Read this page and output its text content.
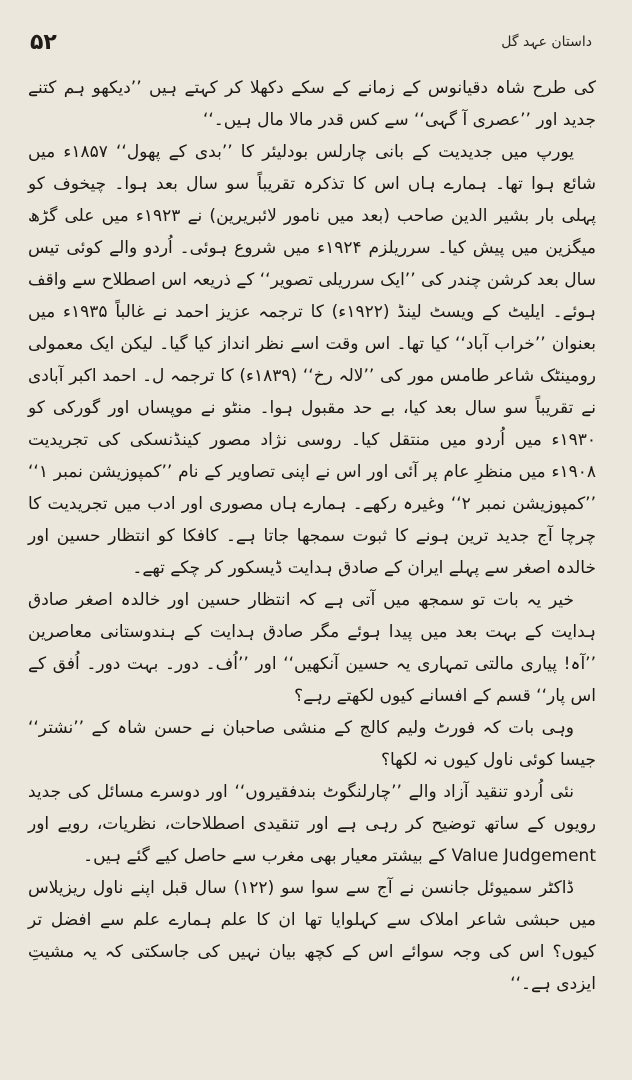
داستان عہد گل
۵۲

کی طرح شاہ دقیانوس کے زمانے کے سکے دکھلا کر کہتے ہیں ’’دیکھو ہم کتنے جدید اور ’’عصری آ گہی‘‘ سے کس قدر مالا مال ہیں۔‘‘

یورپ میں جدیدیت کے بانی چارلس بودلیئر کا ’’بدی کے پھول‘‘ ۱۸۵۷ء میں شائع ہوا تھا۔ ہمارے ہاں اس کا تذکرہ تقریباً سو سال بعد ہوا۔ چیخوف کو پہلی بار بشیر الدین صاحب (بعد میں نامور لائبریرین) نے ۱۹۲۳ء میں علی گڑھ میگزین میں پیش کیا۔ سرریلزم ۱۹۲۴ء میں شروع ہوئی۔ اُردو والے کوئی تیس سال بعد کرشن چندر کی ’’ایک سرریلی تصویر‘‘ کے ذریعہ اس اصطلاح سے واقف ہوئے۔ ایلیٹ کے ویسٹ لینڈ (۱۹۲۲ء) کا ترجمہ عزیز احمد نے غالباً ۱۹۳۵ء میں بعنوان ’’خراب آباد‘‘ کیا تھا۔ اس وقت اسے نظر انداز کیا گیا۔ لیکن ایک معمولی رومینٹک شاعر طامس مور کی ’’لالہ رخ‘‘ (۱۸۳۹ء) کا ترجمہ ل۔ احمد اکبر آبادی نے تقریباً سو سال بعد کیا، بے حد مقبول ہوا۔ منٹو نے موپساں اور گورکی کو ۱۹۳۰ء میں اُردو میں منتقل کیا۔ روسی نژاد مصور کینڈنسکی کی تجریدیت ۱۹۰۸ء میں منظرِ عام پر آئی اور اس نے اپنی تصاویر کے نام ’’کمپوزیشن نمبر ۱‘‘ ’’کمپوزیشن نمبر ۲‘‘ وغیرہ رکھے۔ ہمارے ہاں مصوری اور ادب میں تجریدیت کا چرچا آج جدید ترین ہونے کا ثبوت سمجھا جاتا ہے۔ کافکا کو انتظار حسین اور خالدہ اصغر سے پہلے ایران کے صادق ہدایت ڈیسکور کر چکے تھے۔

خیر یہ بات تو سمجھ میں آتی ہے کہ انتظار حسین اور خالدہ اصغر صادق ہدایت کے بہت بعد میں پیدا ہوئے مگر صادق ہدایت کے ہندوستانی معاصرین ’’آہ! پیاری مالتی تمہاری یہ حسین آنکھیں‘‘ اور ’’اُف۔ دور۔ بہت دور۔ اُفق کے اس پار‘‘ قسم کے افسانے کیوں لکھتے رہے؟

وہی بات کہ فورٹ ولیم کالج کے منشی صاحبان نے حسن شاہ کے ’’نشتر‘‘ جیسا کوئی ناول کیوں نہ لکھا؟

نئی اُردو تنقید آزاد والے ’’چارلنگوٹ بندفقیروں‘‘ اور دوسرے مسائل کی جدید رویوں کے ساتھ توضیح کر رہی ہے اور تنقیدی اصطلاحات، نظریات، رویے اور Value Judgement کے بیشتر معیار بھی مغرب سے حاصل کیے گئے ہیں۔

ڈاکٹر سمیوئل جانسن نے آج سے سوا سو (۱۲۲) سال قبل اپنے ناول ریزیلاس میں حبشی شاعر املاک سے کہلوایا تھا ان کا علم ہمارے علم سے افضل تر کیوں؟ اس کی وجہ سوائے اس کے کچھ بیان نہیں کی جاسکتی کہ یہ مشیتِ ایزدی ہے۔‘‘
